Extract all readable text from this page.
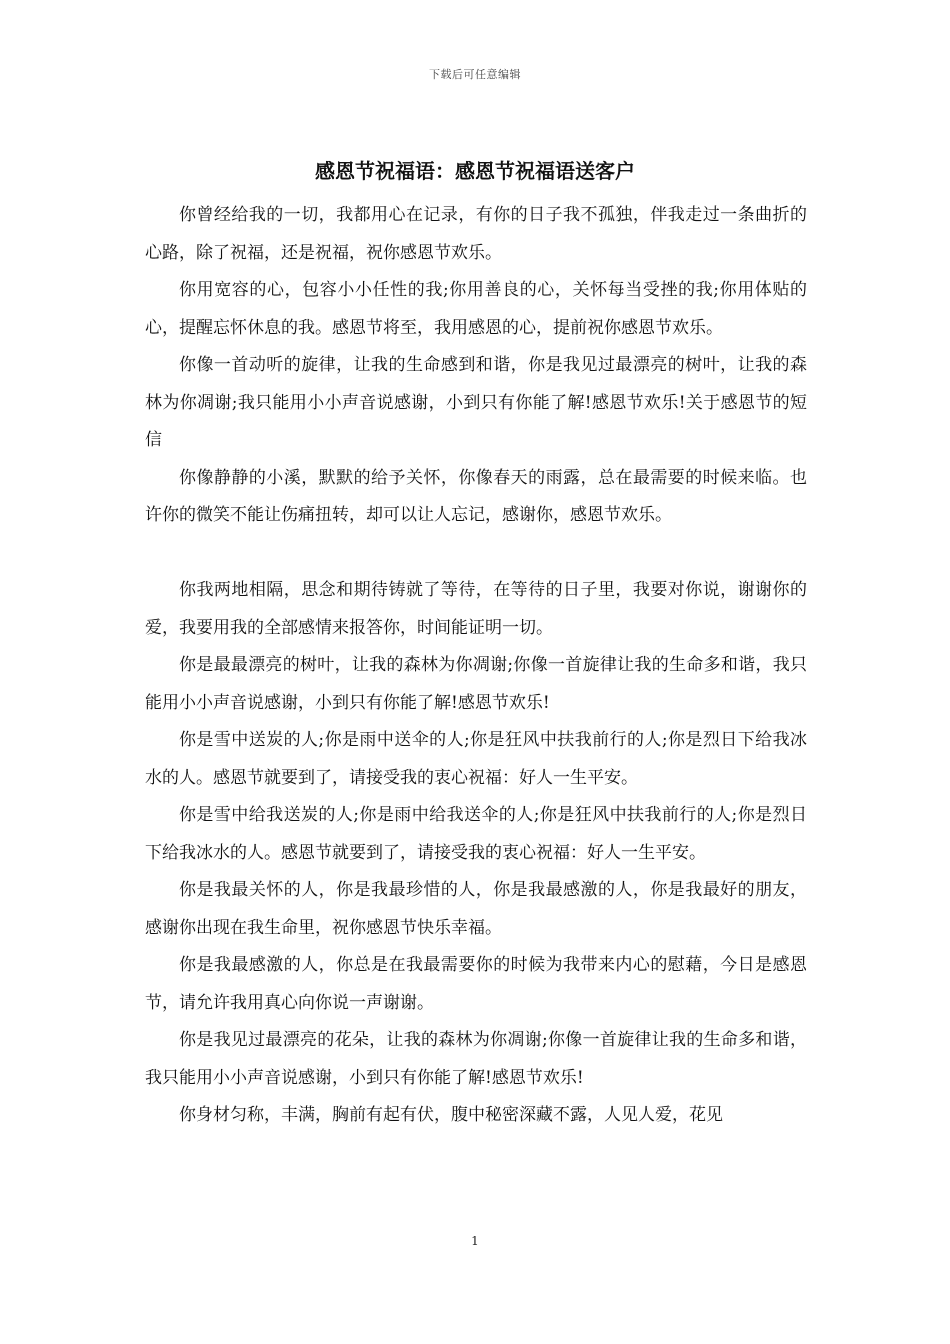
下载后可任意编辑
感恩节祝福语：感恩节祝福语送客户

你曾经给我的一切，我都用心在记录，有你的日子我不孤独，伴我走过一条曲折的心路，除了祝福，还是祝福，祝你感恩节欢乐。

你用宽容的心，包容小小任性的我;你用善良的心，关怀每当受挫的我;你用体贴的心，提醒忘怀休息的我。感恩节将至，我用感恩的心，提前祝你感恩节欢乐。

你像一首动听的旋律，让我的生命感到和谐，你是我见过最漂亮的树叶，让我的森林为你凋谢;我只能用小小声音说感谢，小到只有你能了解!感恩节欢乐!关于感恩节的短信

你像静静的小溪，默默的给予关怀，你像春天的雨露，总在最需要的时候来临。也许你的微笑不能让伤痛扭转，却可以让人忘记，感谢你，感恩节欢乐。

你我两地相隔，思念和期待铸就了等待，在等待的日子里，我要对你说，谢谢你的爱，我要用我的全部感情来报答你，时间能证明一切。

你是最最漂亮的树叶，让我的森林为你凋谢;你像一首旋律让我的生命多和谐，我只能用小小声音说感谢，小到只有你能了解!感恩节欢乐!

你是雪中送炭的人;你是雨中送伞的人;你是狂风中扶我前行的人;你是烈日下给我冰水的人。感恩节就要到了，请接受我的衷心祝福：好人一生平安。

你是雪中给我送炭的人;你是雨中给我送伞的人;你是狂风中扶我前行的人;你是烈日下给我冰水的人。感恩节就要到了，请接受我的衷心祝福：好人一生平安。

你是我最关怀的人，你是我最珍惜的人，你是我最感激的人，你是我最好的朋友，感谢你出现在我生命里，祝你感恩节快乐幸福。

你是我最感激的人，你总是在我最需要你的时候为我带来内心的慰藉，今日是感恩节，请允许我用真心向你说一声谢谢。

你是我见过最漂亮的花朵，让我的森林为你凋谢;你像一首旋律让我的生命多和谐，我只能用小小声音说感谢，小到只有你能了解!感恩节欢乐!

你身材匀称，丰满，胸前有起有伏，腹中秘密深藏不露，人见人爱，花见

1
